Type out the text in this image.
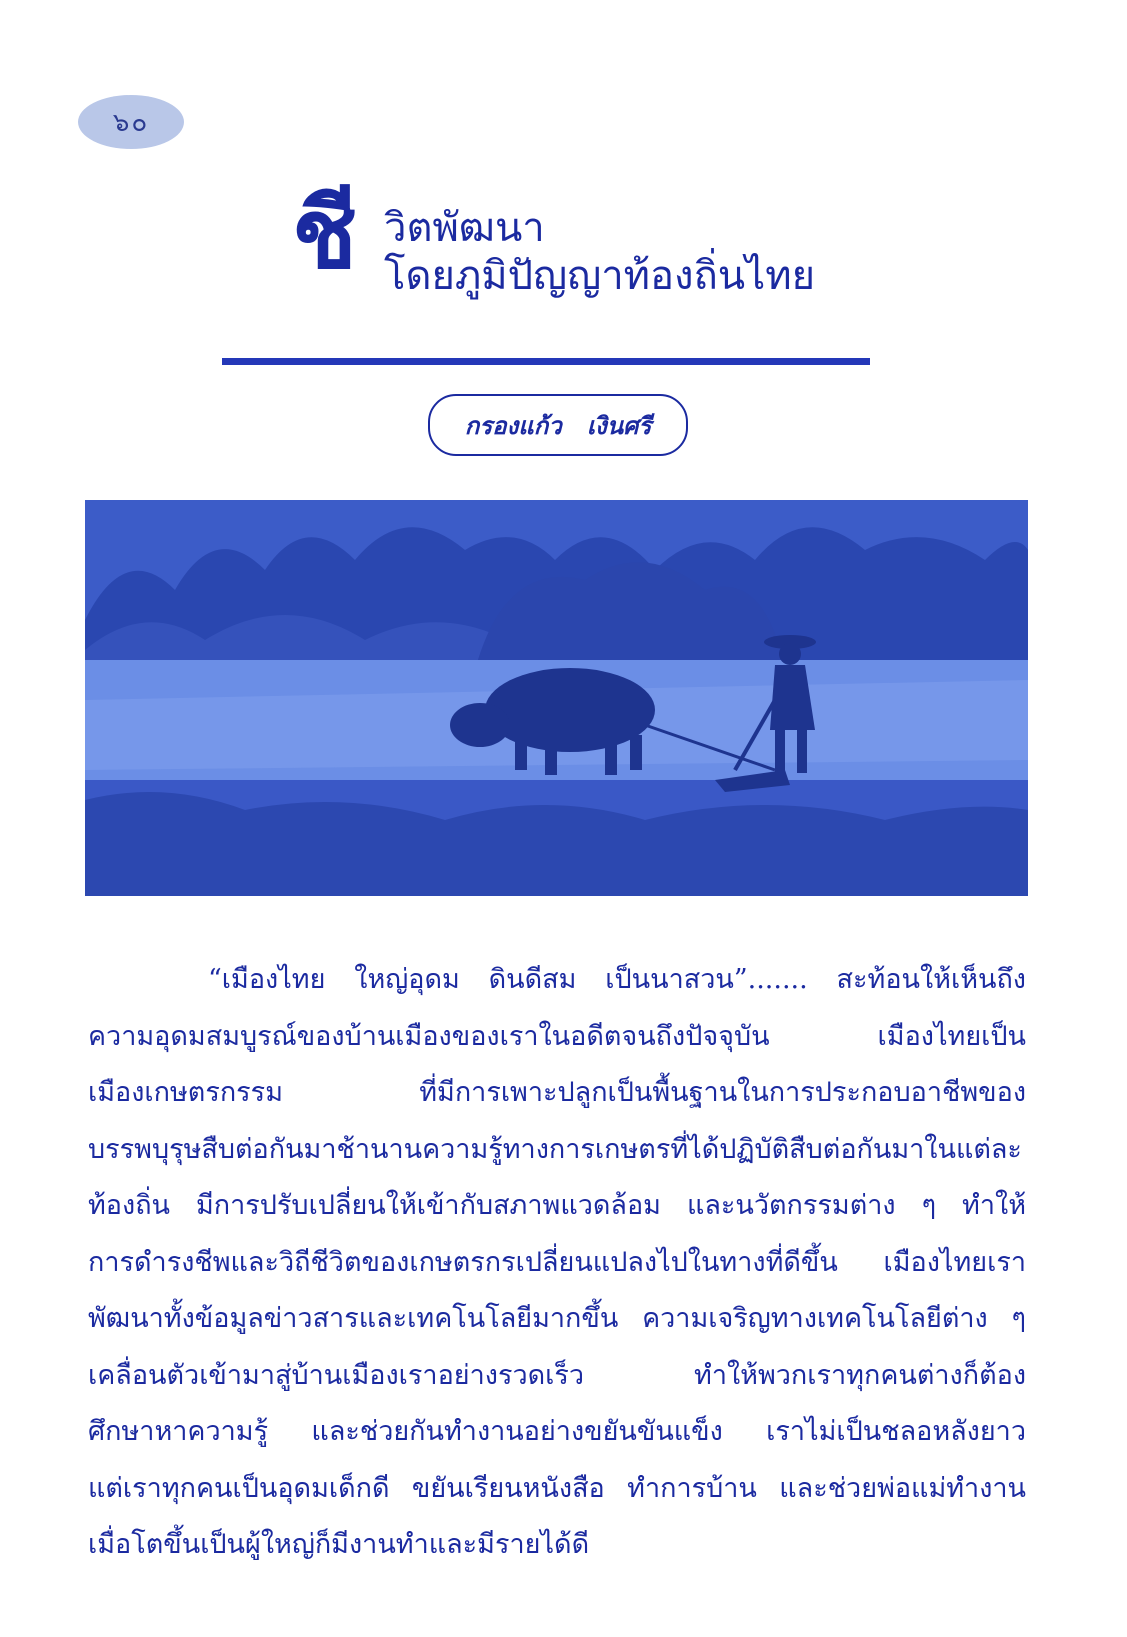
๖๐
ชี วิตพัฒนา
โดยภูมิปัญญาท้องถิ่นไทย
กรองแก้ว   เงินศรี
“เมืองไทย ใหญ่อุดม ดินดีสม เป็นนาสวน”....... สะท้อนให้เห็นถึง
ความอุดมสมบูรณ์ของบ้านเมืองของเราในอดีตจนถึงปัจจุบัน เมืองไทยเป็น
เมืองเกษตรกรรม ที่มีการเพาะปลูกเป็นพื้นฐานในการประกอบอาชีพของ
บรรพบุรุษสืบต่อกันมาช้านานความรู้ทางการเกษตรที่ได้ปฏิบัติสืบต่อกันมาในแต่ละ
ท้องถิ่น มีการปรับเปลี่ยนให้เข้ากับสภาพแวดล้อม และนวัตกรรมต่าง ๆ ทำให้
การดำรงชีพและวิถีชีวิตของเกษตรกรเปลี่ยนแปลงไปในทางที่ดีขึ้น เมืองไทยเรา
พัฒนาทั้งข้อมูลข่าวสารและเทคโนโลยีมากขึ้น ความเจริญทางเทคโนโลยีต่าง ๆ
เคลื่อนตัวเข้ามาสู่บ้านเมืองเราอย่างรวดเร็ว ทำให้พวกเราทุกคนต่างก็ต้อง
ศึกษาหาความรู้ และช่วยกันทำงานอย่างขยันขันแข็ง เราไม่เป็นชลอหลังยาว
แต่เราทุกคนเป็นอุดมเด็กดี ขยันเรียนหนังสือ ทำการบ้าน และช่วยพ่อแม่ทำงาน
เมื่อโตขึ้นเป็นผู้ใหญ่ก็มีงานทำและมีรายได้ดี
